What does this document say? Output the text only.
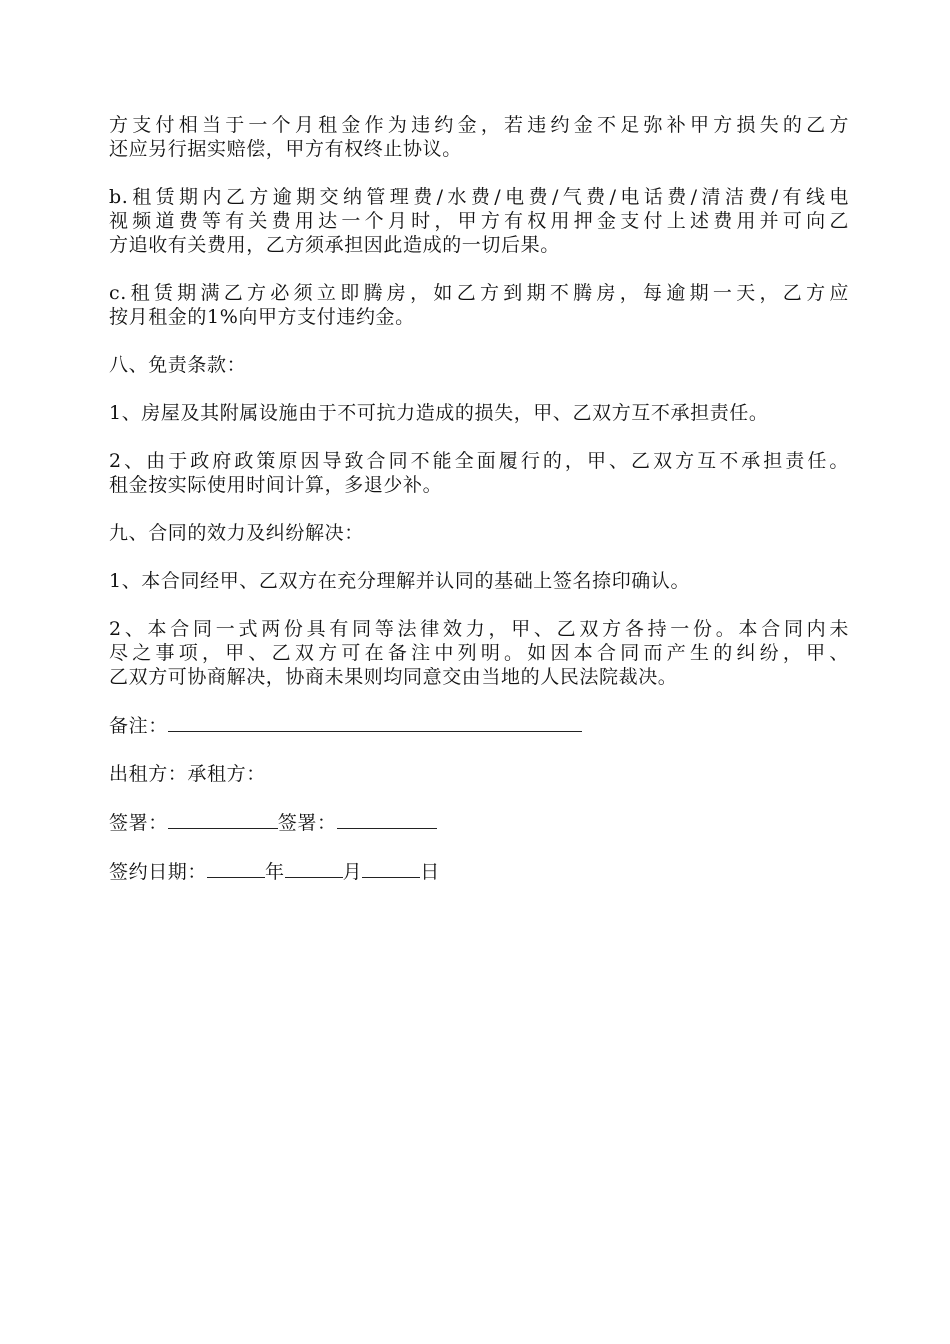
方支付相当于一个月租金作为违约金，若违约金不足弥补甲方损失的乙方
还应另行据实赔偿，甲方有权终止协议。
b.租赁期内乙方逾期交纳管理费/水费/电费/气费/电话费/清洁费/有线电
视频道费等有关费用达一个月时，甲方有权用押金支付上述费用并可向乙
方追收有关费用，乙方须承担因此造成的一切后果。
c.租赁期满乙方必须立即腾房，如乙方到期不腾房，每逾期一天，乙方应
按月租金的1%向甲方支付违约金。
八、免责条款：
1、房屋及其附属设施由于不可抗力造成的损失，甲、乙双方互不承担责任。
2、由于政府政策原因导致合同不能全面履行的，甲、乙双方互不承担责任。
租金按实际使用时间计算，多退少补。
九、合同的效力及纠纷解决：
1、本合同经甲、乙双方在充分理解并认同的基础上签名捺印确认。
2、本合同一式两份具有同等法律效力，甲、乙双方各持一份。本合同内未
尽之事项，甲、乙双方可在备注中列明。如因本合同而产生的纠纷，甲、
乙双方可协商解决，协商未果则均同意交由当地的人民法院裁决。
备注：
出租方：承租方：
签署：	签署：
签约日期：	年	月	日
